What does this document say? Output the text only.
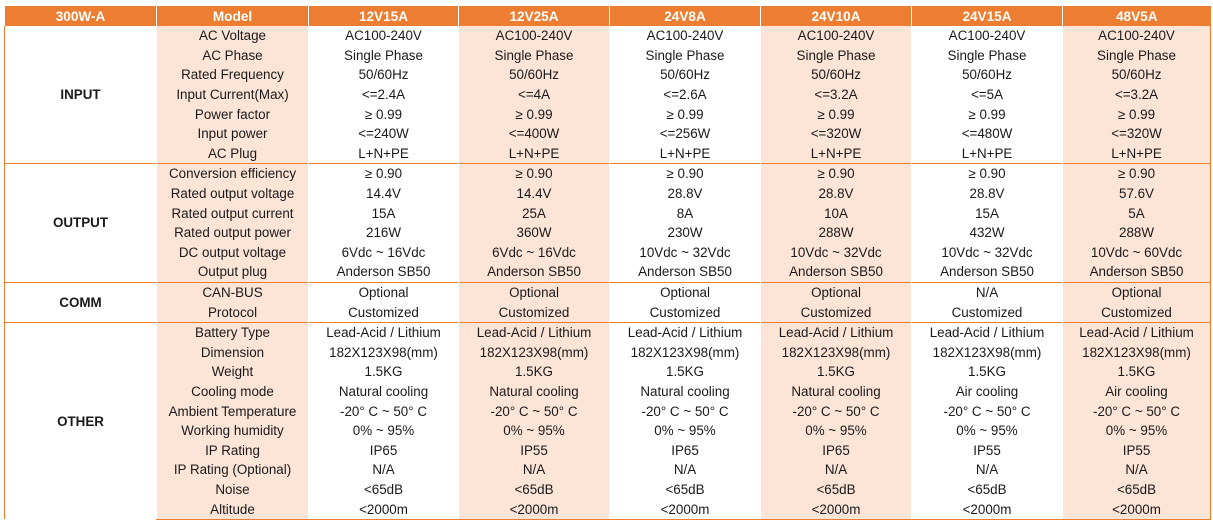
300W-A	Model	12V15A	12V25A	24V8A	24V10A	24V15A	48V5A
INPUT	AC Voltage	AC100-240V	AC100-240V	AC100-240V	AC100-240V	AC100-240V	AC100-240V
	AC Phase	Single Phase	Single Phase	Single Phase	Single Phase	Single Phase	Single Phase
	Rated Frequency	50/60Hz	50/60Hz	50/60Hz	50/60Hz	50/60Hz	50/60Hz
	Input Current(Max)	<=2.4A	<=4A	<=2.6A	<=3.2A	<=5A	<=3.2A
	Power factor	≥ 0.99	≥ 0.99	≥ 0.99	≥ 0.99	≥ 0.99	≥ 0.99
	Input power	<=240W	<=400W	<=256W	<=320W	<=480W	<=320W
	AC Plug	L+N+PE	L+N+PE	L+N+PE	L+N+PE	L+N+PE	L+N+PE
OUTPUT	Conversion efficiency	≥ 0.90	≥ 0.90	≥ 0.90	≥ 0.90	≥ 0.90	≥ 0.90
	Rated output voltage	14.4V	14.4V	28.8V	28.8V	28.8V	57.6V
	Rated output current	15A	25A	8A	10A	15A	5A
	Rated output power	216W	360W	230W	288W	432W	288W
	DC output voltage	6Vdc ~ 16Vdc	6Vdc ~ 16Vdc	10Vdc ~ 32Vdc	10Vdc ~ 32Vdc	10Vdc ~ 32Vdc	10Vdc ~ 60Vdc
	Output plug	Anderson SB50	Anderson SB50	Anderson SB50	Anderson SB50	Anderson SB50	Anderson SB50
COMM	CAN-BUS	Optional	Optional	Optional	Optional	N/A	Optional
	Protocol	Customized	Customized	Customized	Customized	Customized	Customized
OTHER	Battery Type	Lead-Acid / Lithium	Lead-Acid / Lithium	Lead-Acid / Lithium	Lead-Acid / Lithium	Lead-Acid / Lithium	Lead-Acid / Lithium
	Dimension	182X123X98(mm)	182X123X98(mm)	182X123X98(mm)	182X123X98(mm)	182X123X98(mm)	182X123X98(mm)
	Weight	1.5KG	1.5KG	1.5KG	1.5KG	1.5KG	1.5KG
	Cooling mode	Natural cooling	Natural cooling	Natural cooling	Natural cooling	Air cooling	Air cooling
	Ambient Temperature	-20° C ~ 50° C	-20° C ~ 50° C	-20° C ~ 50° C	-20° C ~ 50° C	-20° C ~ 50° C	-20° C ~ 50° C
	Working humidity	0% ~ 95%	0% ~ 95%	0% ~ 95%	0% ~ 95%	0% ~ 95%	0% ~ 95%
	IP Rating	IP65	IP55	IP65	IP65	IP55	IP55
	IP Rating (Optional)	N/A	N/A	N/A	N/A	N/A	N/A
	Noise	<65dB	<65dB	<65dB	<65dB	<65dB	<65dB
	Altitude	<2000m	<2000m	<2000m	<2000m	<2000m	<2000m
